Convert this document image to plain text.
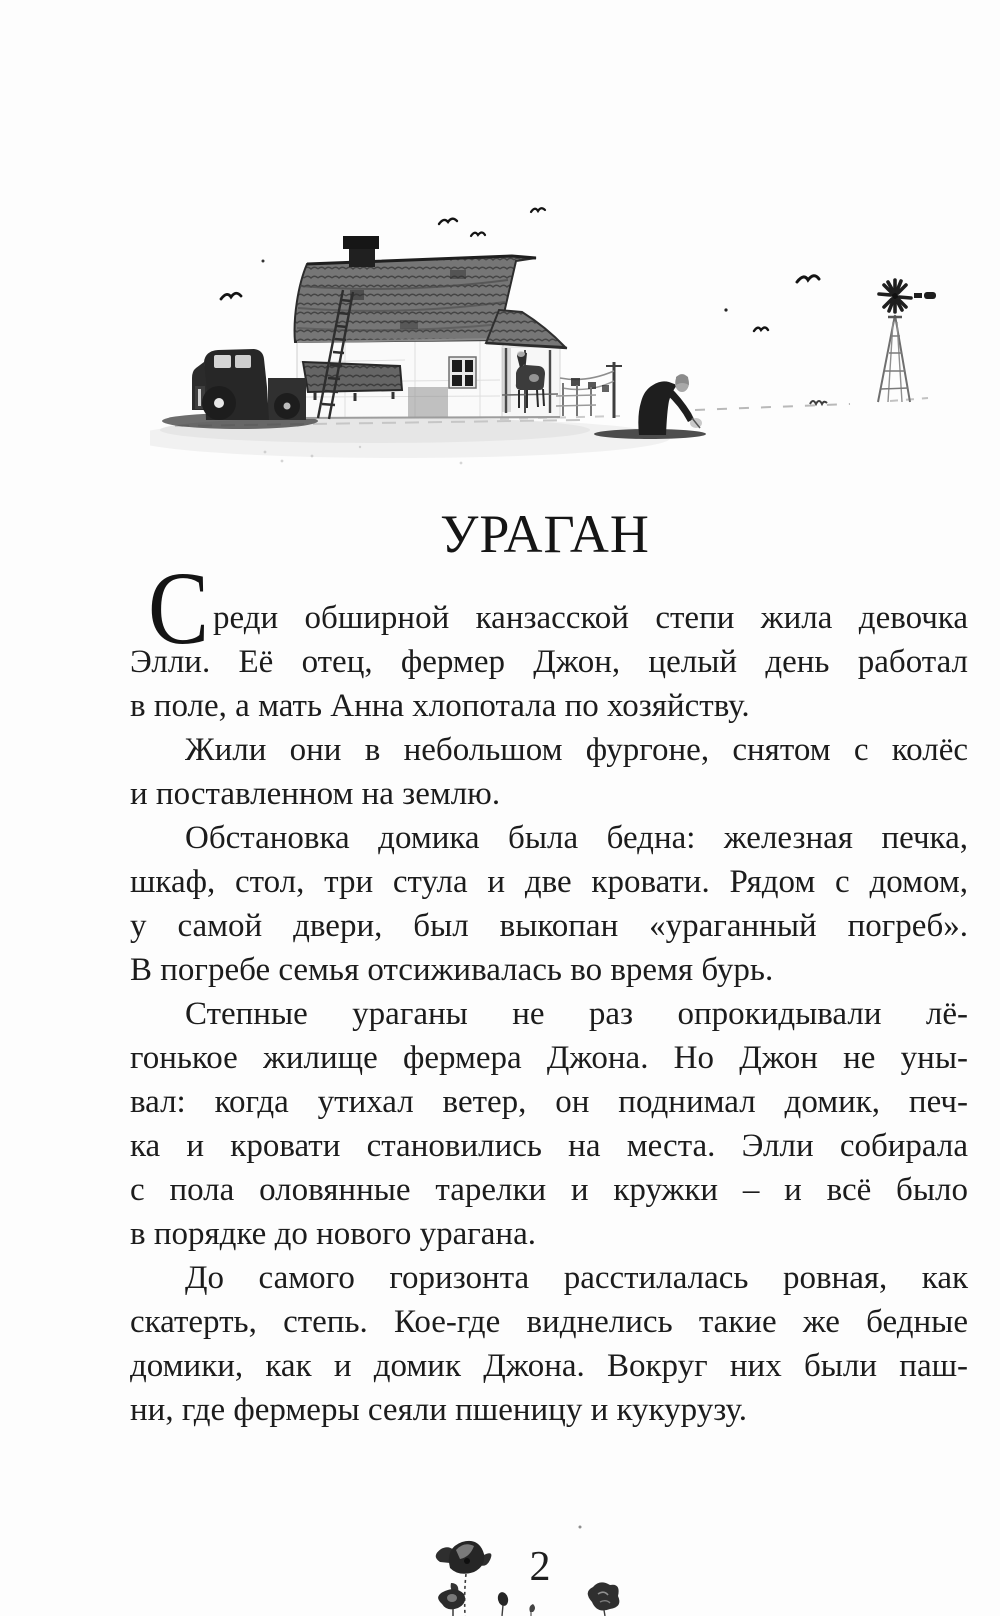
УРАГАН
С реди обширной канзасской степи жила девочка
Элли. Её отец, фермер Джон, целый день работал
в поле, а мать Анна хлопотала по хозяйству.
Жили они в небольшом фургоне, снятом с колёс
и поставленном на землю.
Обстановка домика была бедна: железная печка,
шкаф, стол, три стула и две кровати. Рядом с домом,
у самой двери, был выкопан «ураганный погреб».
В погребе семья отсиживалась во время бурь.
Степные ураганы не раз опрокидывали лё-
гонькое жилище фермера Джона. Но Джон не уны-
вал: когда утихал ветер, он поднимал домик, печ-
ка и кровати становились на места. Элли собирала
с пола оловянные тарелки и кружки – и всё было
в порядке до нового урагана.
До самого горизонта расстилалась ровная, как
скатерть, степь. Кое-где виднелись такие же бедные
домики, как и домик Джона. Вокруг них были паш-
ни, где фермеры сеяли пшеницу и кукурузу.
2
